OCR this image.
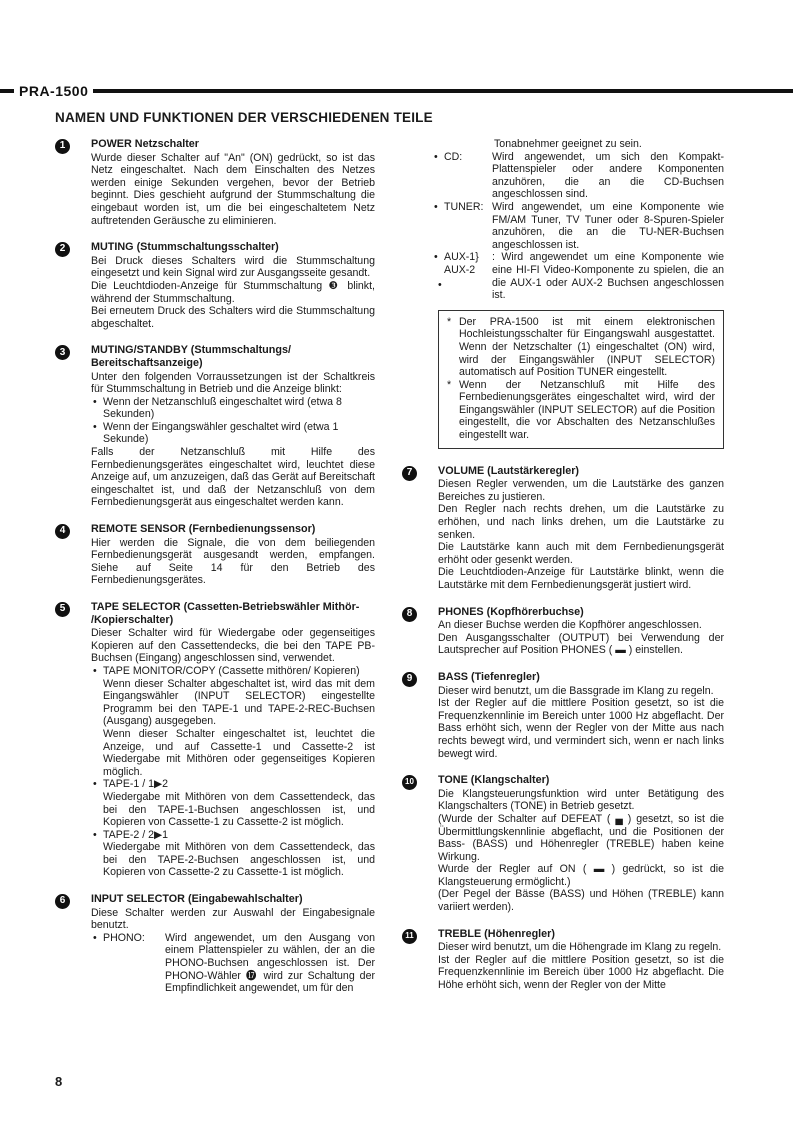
PRA-1500
NAMEN UND FUNKTIONEN DER VERSCHIEDENEN TEILE
1	POWER Netzschalter

Wurde dieser Schalter auf "An" (ON) gedrückt, so ist das Netz eingeschaltet. Nach dem Einschalten des Netzes werden einige Sekunden vergehen, bevor der Betrieb beginnt. Dies geschieht aufgrund der Stummschaltung die eingebaut worden ist, um die bei eingeschaltetem Netz auftretenden Geräusche zu eliminieren.

2	MUTING (Stummschaltungsschalter)

Bei Druck dieses Schalters wird die Stummschaltung eingesetzt und kein Signal wird zur Ausgangsseite gesandt.

Die Leuchtdioden-Anzeige für Stummschaltung ❸ blinkt, während der Stummschaltung.

Bei erneutem Druck des Schalters wird die Stummschaltung abgeschaltet.

3	MUTING/STANDBY (Stummschaltungs/ Bereitschaftsanzeige)

Unter den folgenden Vorraussetzungen ist der Schaltkreis für Stummschaltung in Betrieb und die Anzeige blinkt:

• Wenn der Netzanschluß eingeschaltet wird (etwa 8 Sekunden)
• Wenn der Eingangswähler geschaltet wird (etwa 1 Sekunde)

Falls der Netzanschluß mit Hilfe des Fernbedienungsgerätes eingeschaltet wird, leuchtet diese Anzeige auf, um anzuzeigen, daß das Gerät auf Bereitschaft eingeschaltet ist, und daß der Netzanschluß von dem Fernbedienungsgerät aus eingeschaltet werden kann.

4	REMOTE SENSOR (Fernbedienungssensor)

Hier werden die Signale, die von dem beiliegenden Fernbedienungsgerät ausgesandt werden, empfangen. Siehe auf Seite 14 für den Betrieb des Fernbedienungsgerätes.

5	TAPE SELECTOR (Cassetten-Betriebswähler Mithör- /Kopierschalter)

Dieser Schalter wird für Wiedergabe oder gegenseitiges Kopieren auf den Cassettendecks, die bei den TAPE PB-Buchsen (Eingang) angeschlossen sind, verwendet.

• TAPE MONITOR/COPY (Cassette mithören/ Kopieren)

Wenn dieser Schalter abgeschaltet ist, wird das mit dem Eingangswähler (INPUT SELECTOR) eingestellte Programm bei den TAPE-1 und TAPE-2-REC-Buchsen (Ausgang) ausgegeben.

Wenn dieser Schalter eingeschaltet ist, leuchtet die Anzeige, und auf Cassette-1 und Cassette-2 ist Wiedergabe mit Mithören oder gegenseitiges Kopieren möglich.

• TAPE-1 / 1▶2

Wiedergabe mit Mithören von dem Cassettendeck, das bei den TAPE-1-Buchsen angeschlossen ist, und Kopieren von Cassette-1 zu Cassette-2 ist möglich.

• TAPE-2 / 2▶1

Wiedergabe mit Mithören von dem Cassettendeck, das bei den TAPE-2-Buchsen angeschlossen ist, und Kopieren von Cassette-2 zu Cassette-1 ist möglich.

6	INPUT SELECTOR (Eingabewahlschalter)

Diese Schalter werden zur Auswahl der Eingabesignale benutzt.

• PHONO: Wird angewendet, um den Ausgang von einem Plattenspieler zu wählen, der an die PHONO-Buchsen angeschlossen ist. Der PHONO-Wähler ⓱ wird zur Schaltung der Empfindlichkeit angewendet, um für den

Tonabnehmer geeignet zu sein.

• CD:	Wird angewendet, um sich den Kompakt-Plattenspieler oder andere Komponenten anzuhören, die an die CD-Buchsen angeschlossen sind.
• TUNER: Wird angewendet, um eine Komponente wie FM/AM Tuner, TV Tuner oder 8-Spuren-Spieler anzuhören, die an die TU-NER-Buchsen angeschlossen ist.
• AUX-1}
AUX-2
: Wird angewendet um eine Komponente wie eine HI-FI Video-Komponente zu spielen, die an die AUX-1 oder AUX-2 Buchsen angeschlossen ist.
•

* Der PRA-1500 ist mit einem elektronischen Hochleistungsschalter für Eingangswahl ausgestattet. Wenn der Netzschalter (1) eingeschaltet (ON) wird, wird der Eingangswähler (INPUT SELECTOR) automatisch auf Position TUNER eingestellt.

* Wenn der Netzanschluß mit Hilfe des Fernbedienungsgerätes eingeschaltet wird, wird der Eingangswähler (INPUT SELECTOR) auf die Position eingestellt, die vor Abschalten des Netzanschlußes eingestellt war.

7	VOLUME (Lautstärkeregler)

Diesen Regler verwenden, um die Lautstärke des ganzen Bereiches zu justieren.

Den Regler nach rechts drehen, um die Lautstärke zu erhöhen, und nach links drehen, um die Lautstärke zu senken.

Die Lautstärke kann auch mit dem Fernbedienungsgerät erhöht oder gesenkt werden.

Die Leuchtdioden-Anzeige für Lautstärke blinkt, wenn die Lautstärke mit dem Fernbedienungsgerät justiert wird.

8	PHONES (Kopfhörerbuchse)

An dieser Buchse werden die Kopfhörer angeschlossen.

Den Ausgangsschalter (OUTPUT) bei Verwendung der Lautsprecher auf Position PHONES ( ▬ ) einstellen.

9	BASS (Tiefenregler)

Dieser wird benutzt, um die Bassgrade im Klang zu regeln.

Ist der Regler auf die mittlere Position gesetzt, so ist die Frequenzkennlinie im Bereich unter 1000 Hz abgeflacht. Der Bass erhöht sich, wenn der Regler von der Mitte aus nach rechts bewegt wird, und vermindert sich, wenn er nach links bewegt wird.

10 TONE (Klangschalter)

Die Klangsteuerungsfunktion wird unter Betätigung des Klangschalters (TONE) in Betrieb gesetzt.

(Wurde der Schalter auf DEFEAT ( ▄ ) gesetzt, so ist die Übermittlungskennlinie abgeflacht, und die Positionen der Bass- (BASS) und Höhenregler (TREBLE) haben keine Wirkung.

Wurde der Regler auf ON ( ▬ ) gedrückt, so ist die Klangsteuerung ermöglicht.)

(Der Pegel der Bässe (BASS) und Höhen (TREBLE) kann variiert werden).

11	TREBLE (Höhenregler)

Dieser wird benutzt, um die Höhengrade im Klang zu regeln.

Ist der Regler auf die mittlere Position gesetzt, so ist die Frequenzkennlinie im Bereich über 1000 Hz abgeflacht. Die Höhe erhöht sich, wenn der Regler von der Mitte

8
